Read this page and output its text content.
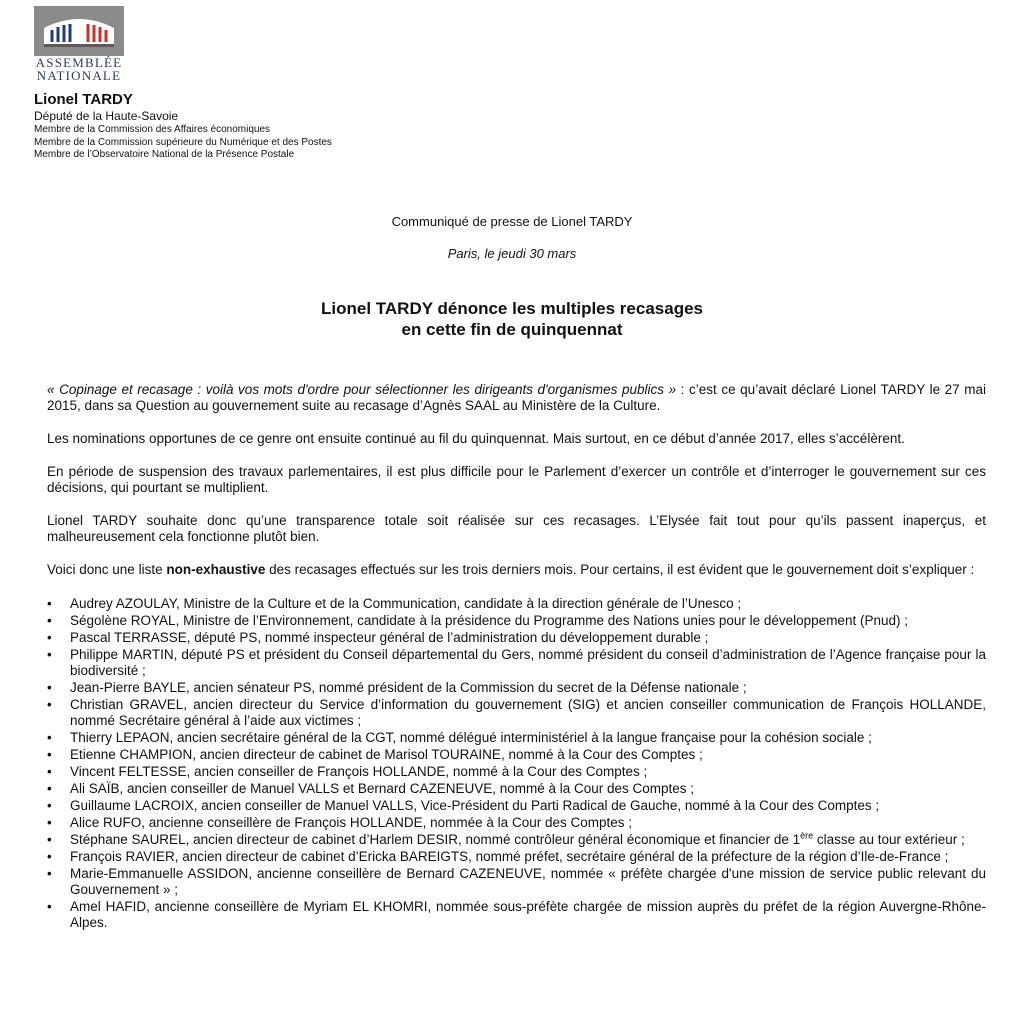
ASSEMBLÉE
NATIONALE
Lionel TARDY
Député de la Haute-Savoie
Membre de la Commission des Affaires économiques
Membre de la Commission supérieure du Numérique et des Postes
Membre de l’Observatoire National de la Présence Postale
Communiqué de presse de Lionel TARDY
Paris, le jeudi 30 mars
Lionel TARDY dénonce les multiples recasages
en cette fin de quinquennat

« Copinage et recasage : voilà vos mots d'ordre pour sélectionner les dirigeants d'organismes publics » : c’est ce qu’avait déclaré Lionel TARDY le 27 mai 2015, dans sa Question au gouvernement suite au recasage d’Agnès SAAL au Ministère de la Culture.

Les nominations opportunes de ce genre ont ensuite continué au fil du quinquennat. Mais surtout, en ce début d’année 2017, elles s’accélèrent.

En période de suspension des travaux parlementaires, il est plus difficile pour le Parlement d’exercer un contrôle et d’interroger le gouvernement sur ces décisions, qui pourtant se multiplient.

Lionel TARDY souhaite donc qu’une transparence totale soit réalisée sur ces recasages. L’Elysée fait tout pour qu’ils passent inaperçus, et malheureusement cela fonctionne plutôt bien.

Voici donc une liste non-exhaustive des recasages effectués sur les trois derniers mois. Pour certains, il est évident que le gouvernement doit s’expliquer :

• Audrey AZOULAY, Ministre de la Culture et de la Communication, candidate à la direction générale de l’Unesco ;
• Ségolène ROYAL, Ministre de l’Environnement, candidate à la présidence du Programme des Nations unies pour le développement (Pnud) ;
• Pascal TERRASSE, député PS, nommé inspecteur général de l’administration du développement durable ;
• Philippe MARTIN, député PS et président du Conseil départemental du Gers, nommé président du conseil d’administration de l’Agence française pour la biodiversité ;
• Jean-Pierre BAYLE, ancien sénateur PS, nommé président de la Commission du secret de la Défense nationale ;
• Christian GRAVEL, ancien directeur du Service d’information du gouvernement (SIG) et ancien conseiller communication de François HOLLANDE, nommé Secrétaire général à l’aide aux victimes ;
• Thierry LEPAON, ancien secrétaire général de la CGT, nommé délégué interministériel à la langue française pour la cohésion sociale ;
• Etienne CHAMPION, ancien directeur de cabinet de Marisol TOURAINE, nommé à la Cour des Comptes ;
• Vincent FELTESSE, ancien conseiller de François HOLLANDE, nommé à la Cour des Comptes ;
• Ali SAÏB, ancien conseiller de Manuel VALLS et Bernard CAZENEUVE, nommé à la Cour des Comptes ;
• Guillaume LACROIX, ancien conseiller de Manuel VALLS, Vice-Président du Parti Radical de Gauche, nommé à la Cour des Comptes ;
• Alice RUFO, ancienne conseillère de François HOLLANDE, nommée à la Cour des Comptes ;
• Stéphane SAUREL, ancien directeur de cabinet d’Harlem DESIR, nommé contrôleur général économique et financier de 1ère classe au tour extérieur ;
• François RAVIER, ancien directeur de cabinet d’Ericka BAREIGTS, nommé préfet, secrétaire général de la préfecture de la région d’Ile-de-France ;
• Marie-Emmanuelle ASSIDON, ancienne conseillère de Bernard CAZENEUVE, nommée « préfète chargée d'une mission de service public relevant du Gouvernement » ;
• Amel HAFID, ancienne conseillère de Myriam EL KHOMRI, nommée sous-préfète chargée de mission auprès du préfet de la région Auvergne-Rhône-Alpes.
